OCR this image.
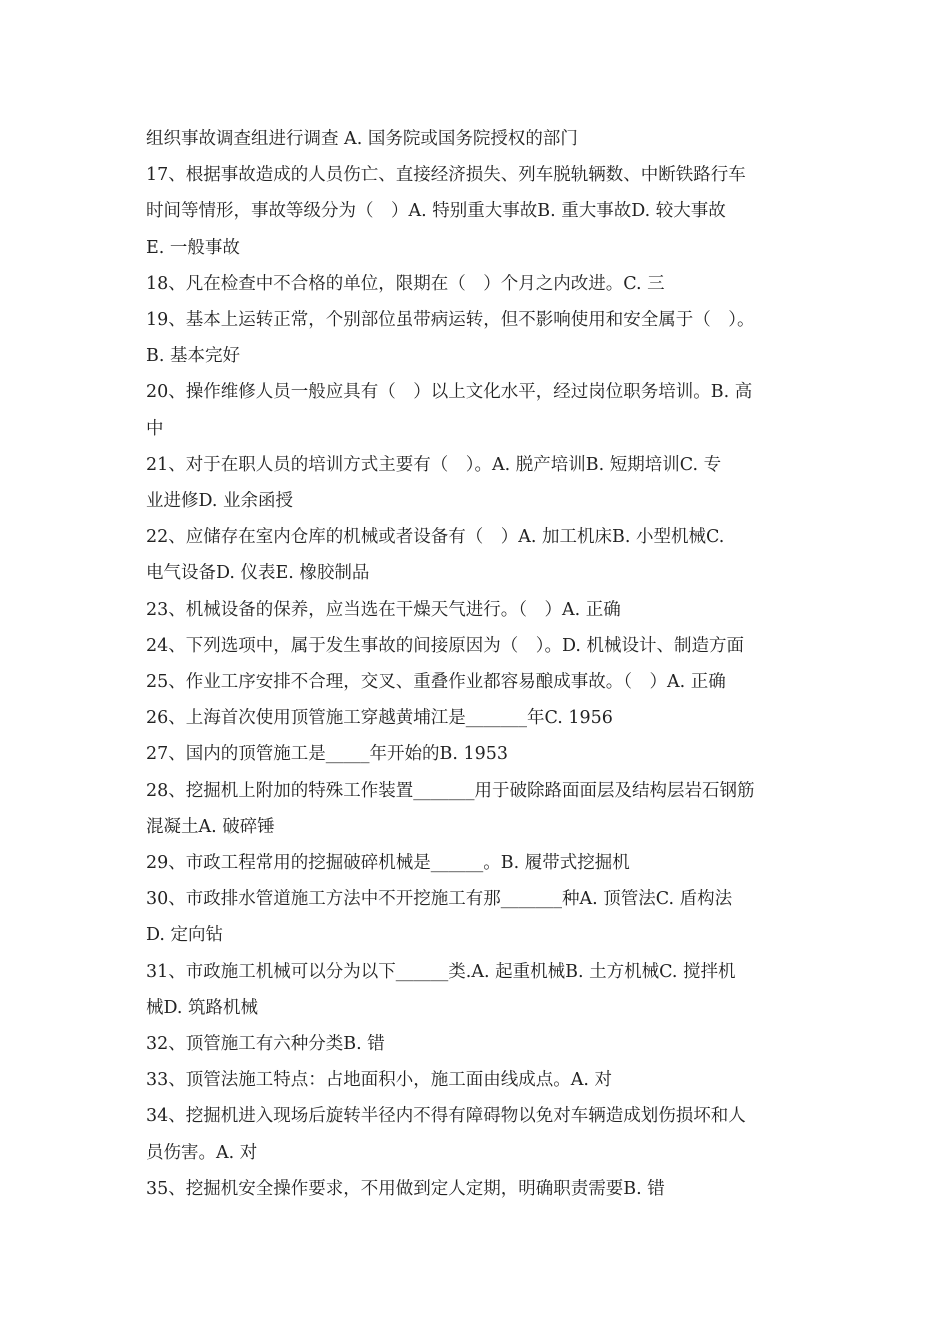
组织事故调查组进行调查 A. 国务院或国务院授权的部门
17、根据事故造成的人员伤亡、直接经济损失、列车脱轨辆数、中断铁路行车
时间等情形，事故等级分为（　）A. 特别重大事故B. 重大事故D. 较大事故
E. 一般事故
18、凡在检查中不合格的单位，限期在（　）个月之内改进。C. 三
19、基本上运转正常，个别部位虽带病运转，但不影响使用和安全属于（　）。
B. 基本完好
20、操作维修人员一般应具有（　）以上文化水平，经过岗位职务培训。B. 高
中
21、对于在职人员的培训方式主要有（　）。A. 脱产培训B. 短期培训C. 专
业进修D. 业余函授
22、应储存在室内仓库的机械或者设备有（　）A. 加工机床B. 小型机械C.
电气设备D. 仪表E. 橡胶制品
23、机械设备的保养，应当选在干燥天气进行。（　）A. 正确
24、下列选项中，属于发生事故的间接原因为（　）。D. 机械设计、制造方面
25、作业工序安排不合理，交叉、重叠作业都容易酿成事故。（　）A. 正确
26、上海首次使用顶管施工穿越黄埔江是_______年C. 1956
27、国内的顶管施工是_____年开始的B. 1953
28、挖掘机上附加的特殊工作装置_______用于破除路面面层及结构层岩石钢筋
混凝土A. 破碎锤
29、市政工程常用的挖掘破碎机械是______。B. 履带式挖掘机
30、市政排水管道施工方法中不开挖施工有那_______种A. 顶管法C. 盾构法
D. 定向钻
31、市政施工机械可以分为以下______类.A. 起重机械B. 土方机械C. 搅拌机
械D. 筑路机械
32、顶管施工有六种分类B. 错
33、顶管法施工特点：占地面积小，施工面由线成点。A. 对
34、挖掘机进入现场后旋转半径内不得有障碍物以免对车辆造成划伤损坏和人
员伤害。A. 对
35、挖掘机安全操作要求，不用做到定人定期，明确职责需要B. 错
